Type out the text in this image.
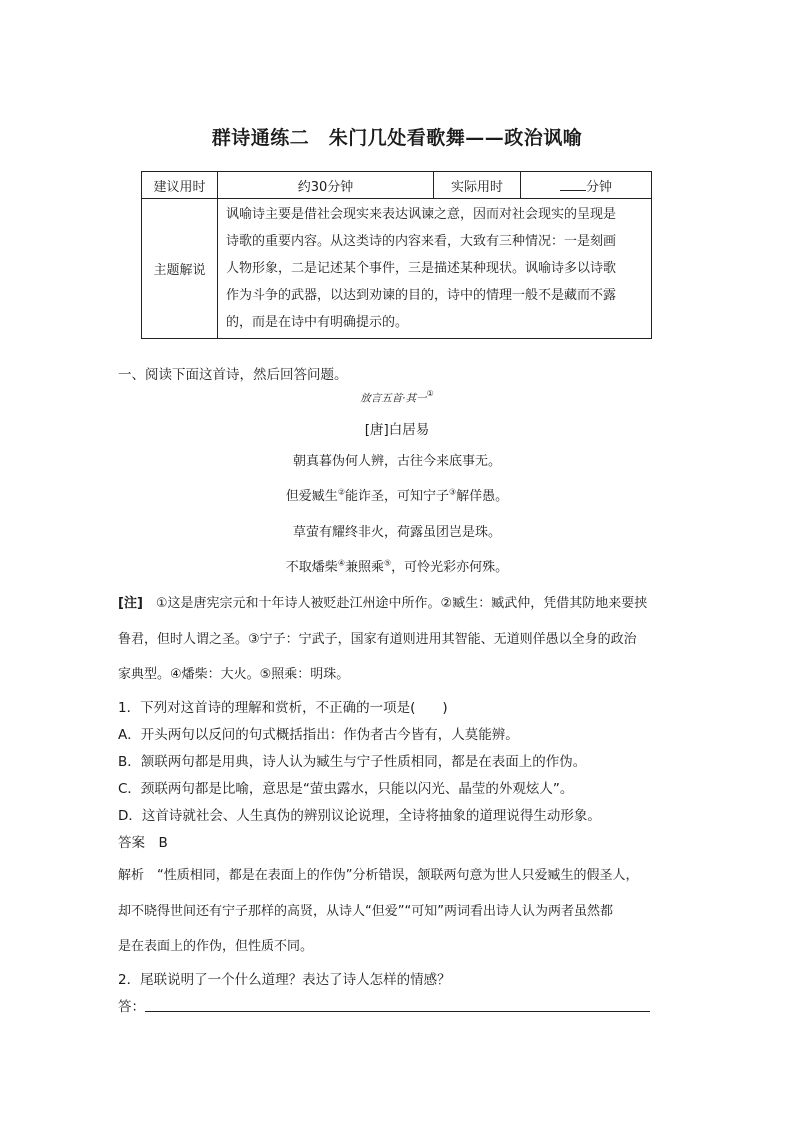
群诗通练二　朱门几处看歌舞——政治讽喻
建议用时	约30分钟	实际用时	分钟
主题解说	讽喻诗主要是借社会现实来表达讽谏之意，因而对社会现实的呈现是
诗歌的重要内容。从这类诗的内容来看，大致有三种情况：一是刻画
人物形象，二是记述某个事件，三是描述某种现状。讽喻诗多以诗歌
作为斗争的武器，以达到劝谏的目的，诗中的情理一般不是藏而不露
的，而是在诗中有明确提示的。		
一、阅读下面这首诗，然后回答问题。
放言五首·其一①
[唐]白居易
朝真暮伪何人辨，古往今来底事无。
但爱臧生②能诈圣，可知宁子③解佯愚。
草萤有耀终非火，荷露虽团岂是珠。
不取燔柴④兼照乘⑤，可怜光彩亦何殊。
[注]　①这是唐宪宗元和十年诗人被贬赴江州途中所作。②臧生：臧武仲，凭借其防地来要挟
鲁君，但时人谓之圣。③宁子：宁武子，国家有道则进用其智能、无道则佯愚以全身的政治
家典型。④燔柴：大火。⑤照乘：明珠。
1．下列对这首诗的理解和赏析，不正确的一项是(　　)
A．开头两句以反问的句式概括指出：作伪者古今皆有，人莫能辨。
B．颔联两句都是用典，诗人认为臧生与宁子性质相同，都是在表面上的作伪。
C．颈联两句都是比喻，意思是“萤虫露水，只能以闪光、晶莹的外观炫人”。
D．这首诗就社会、人生真伪的辨别议论说理，全诗将抽象的道理说得生动形象。
答案　B
解析　“性质相同，都是在表面上的作伪”分析错误，颔联两句意为世人只爱臧生的假圣人，
却不晓得世间还有宁子那样的高贤，从诗人“但爱”“可知”两词看出诗人认为两者虽然都
是在表面上的作伪，但性质不同。
2．尾联说明了一个什么道理？表达了诗人怎样的情感？
答：
